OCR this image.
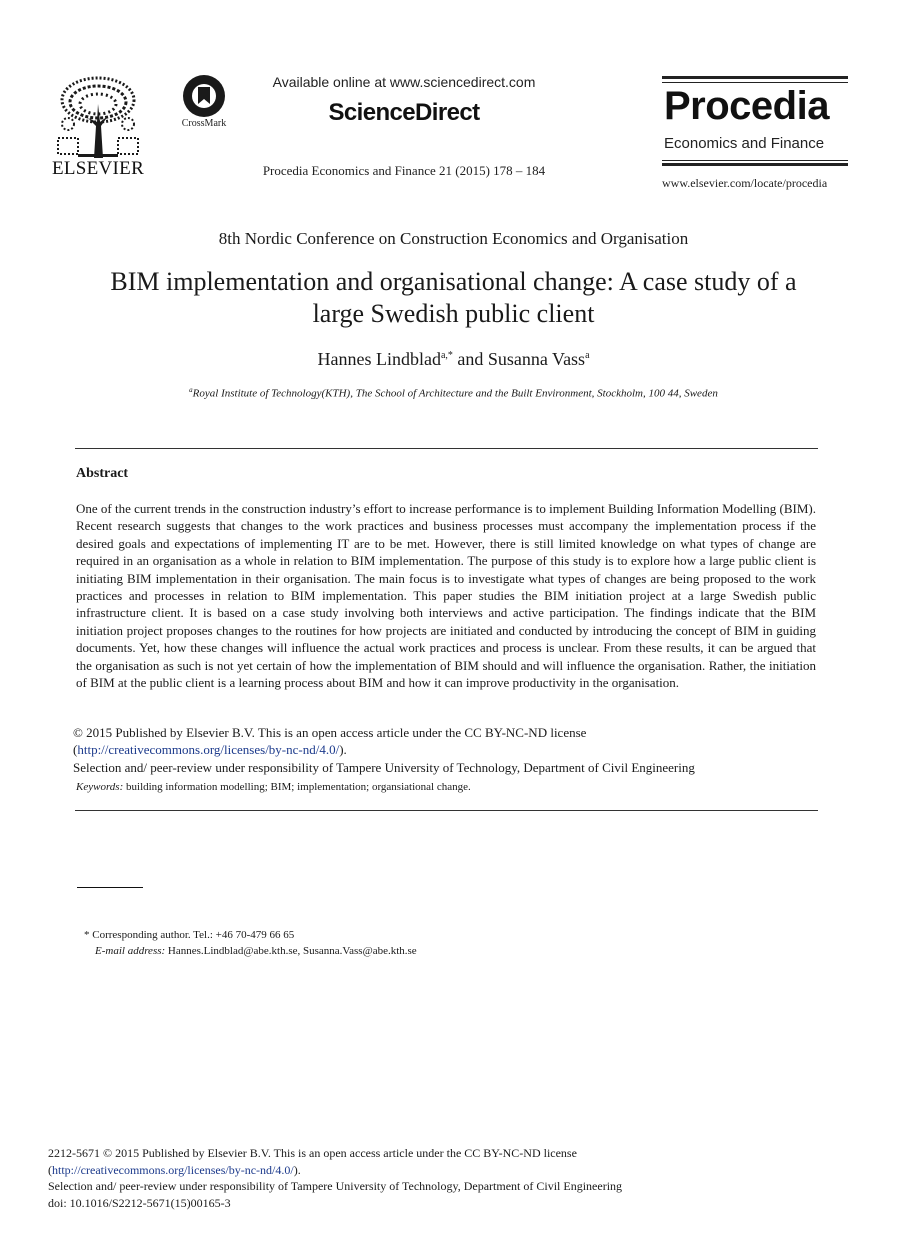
ELSEVIER
CrossMark
Available online at www.sciencedirect.com
ScienceDirect
Procedia Economics and Finance 21 (2015) 178 – 184
Procedia
Economics and Finance
www.elsevier.com/locate/procedia
8th Nordic Conference on Construction Economics and Organisation
BIM implementation and organisational change: A case study of a
large Swedish public client
Hannes Lindblad$^{a,*}$ and Susanna Vass$^a$
$^a$Royal Institute of Technology(KTH), The School of Architecture and the Built Environment, Stockholm, 100 44, Sweden
Abstract
One of the current trends in the construction industry’s effort to increase performance is to implement Building Information Modelling (BIM). Recent research suggests that changes to the work practices and business processes must accompany the implementation process if the desired goals and expectations of implementing IT are to be met. However, there is still limited knowledge on what types of change are required in an organisation as a whole in relation to BIM implementation. The purpose of this study is to explore how a large public client is initiating BIM implementation in their organisation. The main focus is to investigate what types of changes are being proposed to the work practices and processes in relation to BIM implementation. This paper studies the BIM initiation project at a large Swedish public infrastructure client. It is based on a case study involving both interviews and active participation. The findings indicate that the BIM initiation project proposes changes to the routines for how projects are initiated and conducted by introducing the concept of BIM in guiding documents. Yet, how these changes will influence the actual work practices and process is unclear. From these results, it can be argued that the organisation as such is not yet certain of how the implementation of BIM should and will influence the organisation. Rather, the initiation of BIM at the public client is a learning process about BIM and how it can improve productivity in the organisation.
© 2015 Published by Elsevier B.V. This is an open access article under the CC BY-NC-ND license
(http://creativecommons.org/licenses/by-nc-nd/4.0/).
Selection and/ peer-review under responsibility of Tampere University of Technology, Department of Civil Engineering
Keywords: building information modelling; BIM; implementation; organsiational change.
* Corresponding author. Tel.: +46 70-479 66 65
E-mail address: Hannes.Lindblad@abe.kth.se, Susanna.Vass@abe.kth.se
2212-5671 © 2015 Published by Elsevier B.V. This is an open access article under the CC BY-NC-ND license
(http://creativecommons.org/licenses/by-nc-nd/4.0/).
Selection and/ peer-review under responsibility of Tampere University of Technology, Department of Civil Engineering
doi: 10.1016/S2212-5671(15)00165-3
